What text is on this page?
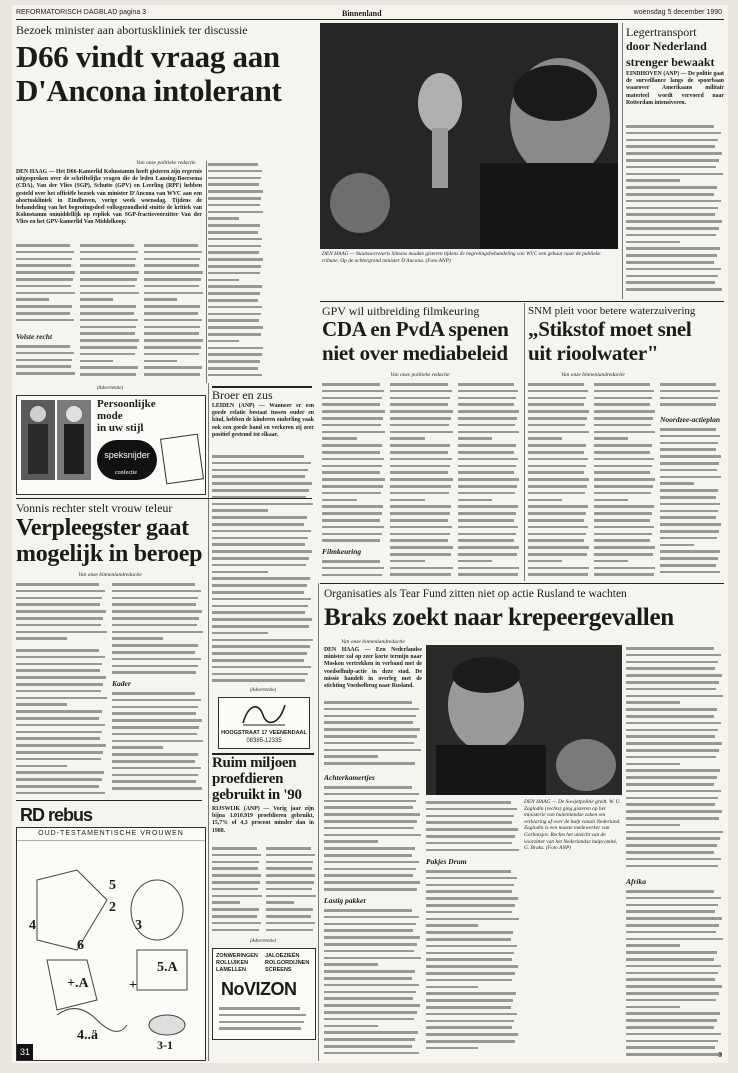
REFORMATORISCH DAGBLAD pagina 3	Binnenland	woensdag 5 december 1990
Bezoek minister aan abortuskliniek ter discussie
D66 vindt vraag aan
D'Ancona intolerant
Van onze politieke redactie
DEN HAAG — Het D66-Kamerlid Kohnstamm heeft gisteren zijn ergernis uitgesproken over de schriftelijke vragen die de leden Lansing-Boersema (CDA), Van der Vlies (SGP), Schutte (GPV) en Leerling (RPF) hebben gesteld over het officiële bezoek van minister D'Ancona van WVC aan een abortuskliniek in Eindhoven, vorige week woensdag. Tijdens de behandeling van het begrotingsdeel volksgezondheid stuitte de kritiek van Kohnstamm onmiddellijk op repliek van SGP-fractievoorzitter Van der Vlies en het GPV-kamerlid Van Middelkoop.
Volste recht
DEN HAAG — Staatssecretaris Simons maakte gisteren tijdens de begrotingsbehandeling van WVC een gebaar naar de publieke tribune. Op de achtergrond minister D'Ancona. (Foto ANP)
Legertransport
door Nederland
strenger bewaakt
EINDHOVEN (ANP) — De politie gaat de surveillance langs de spoorbaan waarover Amerikaans militair materieel wordt vervoerd naar Rotterdam intensiveren.
(Advertentie)
Persoonlijke
mode
in uw stijl
speksnijder
confectie
Broer en zus
LEIDEN (ANP) — Wanneer er een goede relatie bestaat tussen ouder en kind, hebben de kinderen onderling vaak ook een goede band en verkeren zij zeer positief gestemd tot elkaar.
GPV wil uitbreiding filmkeuring
CDA en PvdA spenen
niet over mediabeleid
Van onze politieke redactie
Filmkeuring
SNM pleit voor betere waterzuivering
„Stikstof moet snel
uit rioolwater"
Van onze binnenlandredactie
Noordzee-actieplan
Vonnis rechter stelt vrouw teleur
Verpleegster gaat
mogelijk in beroep
Van onze binnenlandredactie
Kader
(Advertentie)
HOOGSTRAAT 17 VEENENDAAL
08385-12335
Ruim miljoen
proefdieren
gebruikt in '90
RIJSWIJK (ANP) — Vorig jaar zijn bijna 1.010.919 proefdieren gebruikt, 15,7% of 4,3 procent minder dan in 1988.
(Advertentie)
ZONWERINGEN
ROLLUIKEN
LAMELLEN
JALOEZIEËN
ROLGORDIJNEN
SCREENS
NoVIZON
RD rebus
OUD-TESTAMENTISCHE VROUWEN
5
2
4
6
3
5.A
+.A
4..ä
3-1
+
31
Organisaties als Tear Fund zitten niet op actie Rusland te wachten
Braks zoekt naar krepeergevallen
Van onze binnenlandredactie
DEN HAAG — Een Nederlandse minister zal op zeer korte termijn naar Moskou vertrekken in verband met de voedselhulp-actie in deze stad. De missie handelt in overleg met de stichting Voedselbrug naar Rusland.
Achterkamertjes
Lastig pakket
DEN HAAG — De Sowjetpolitie gredt. W. U. Zaglodin (rechts) ging gisteren op het ministerie van buitenlandse zaken om verklaring af over de hulp vanuit Nederland. Zaglodin is een naaste medewerker van Gorbatsjov. Rechts het uitzicht van de voorzitter van het Nederlandse hulpcomité, G. Braks. (Foto ANP)
Pakjes Drum
Afrika
3
